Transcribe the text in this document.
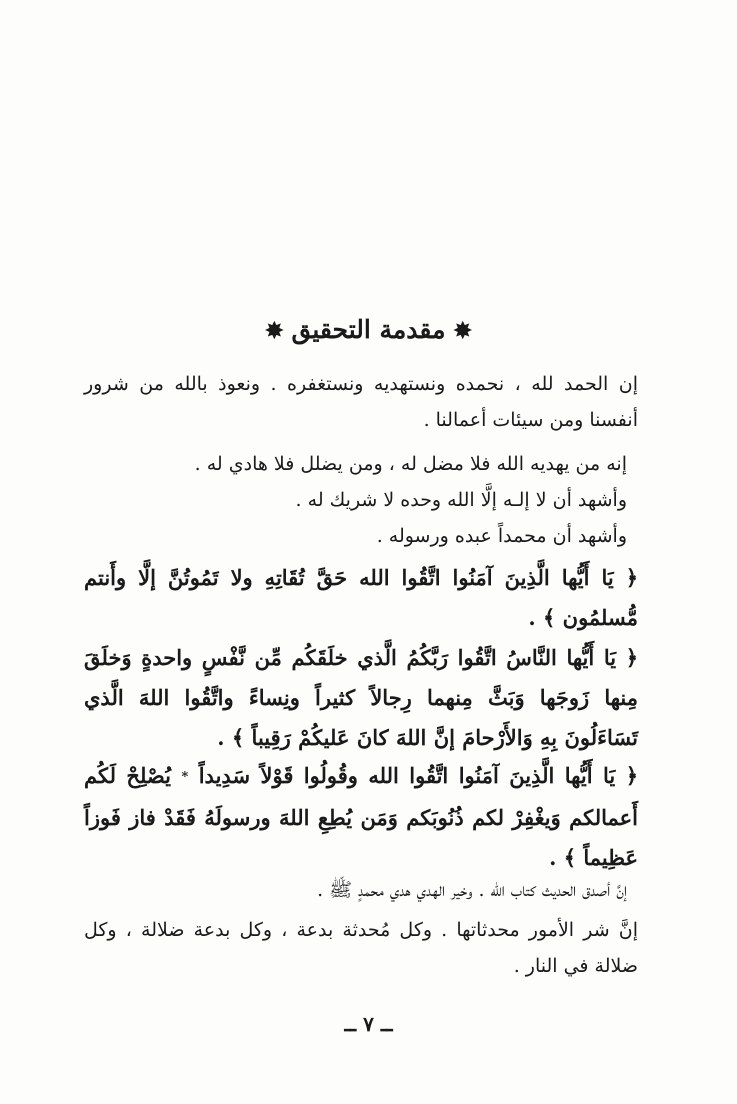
✸مقدمة التحقيق✸

إن الحمد لله ، نحمده ونستهديه ونستغفره . ونعوذ بالله من شرور أنفسنا ومن سيئات أعمالنا .

إنه من يهديه الله فلا مضل له ، ومن يضلل فلا هادي له .

وأشهد أن لا إلـه إلَّا الله وحده لا شريك له .

وأشهد أن محمداً عبده ورسوله .

﴿ يَا أَيُّها الَّذِينَ آمَنُوا اتَّقُوا الله حَقَّ تُقَاتِهِ ولا تَمُوتُنَّ إلَّا وأَنتم مُّسلمُون ﴾ .

﴿ يَا أَيُّها النَّاسُ اتَّقُوا رَبَّكُمُ الَّذي خلَقَكُم مِّن نَّفْسٍ واحدةٍ وَخلَقَ مِنها زَوجَها وَبَثَّ مِنهما رِجالاً كثيراً ونِساءً واتَّقُوا اللهَ الَّذي تَسَاءَلُونَ بِهِ وَالأَرْحامَ إنَّ اللهَ كانَ عَليكُمْ رَقِيباً ﴾ .

﴿ يَا أَيُّها الَّذِينَ آمَنُوا اتَّقُوا الله وقُولُوا قَوْلاً سَدِيداً * يُصْلِحْ لَكُم أَعمالكم وَيغْفِرْ لكم ذُنُوبَكم وَمَن يُطِعِ اللهَ ورسولَهُ فَقَدْ فاز فَوزاً عَظِيماً ﴾ .

إنَّ أصدق الحديث كتاب الله . وخير الهدي هدي محمدٍ ﷺ .

إنَّ شر الأمور محدثاتها . وكل مُحدثة بدعة ، وكل بدعة ضلالة ، وكل ضلالة في النار .

ــ ٧ ــ
